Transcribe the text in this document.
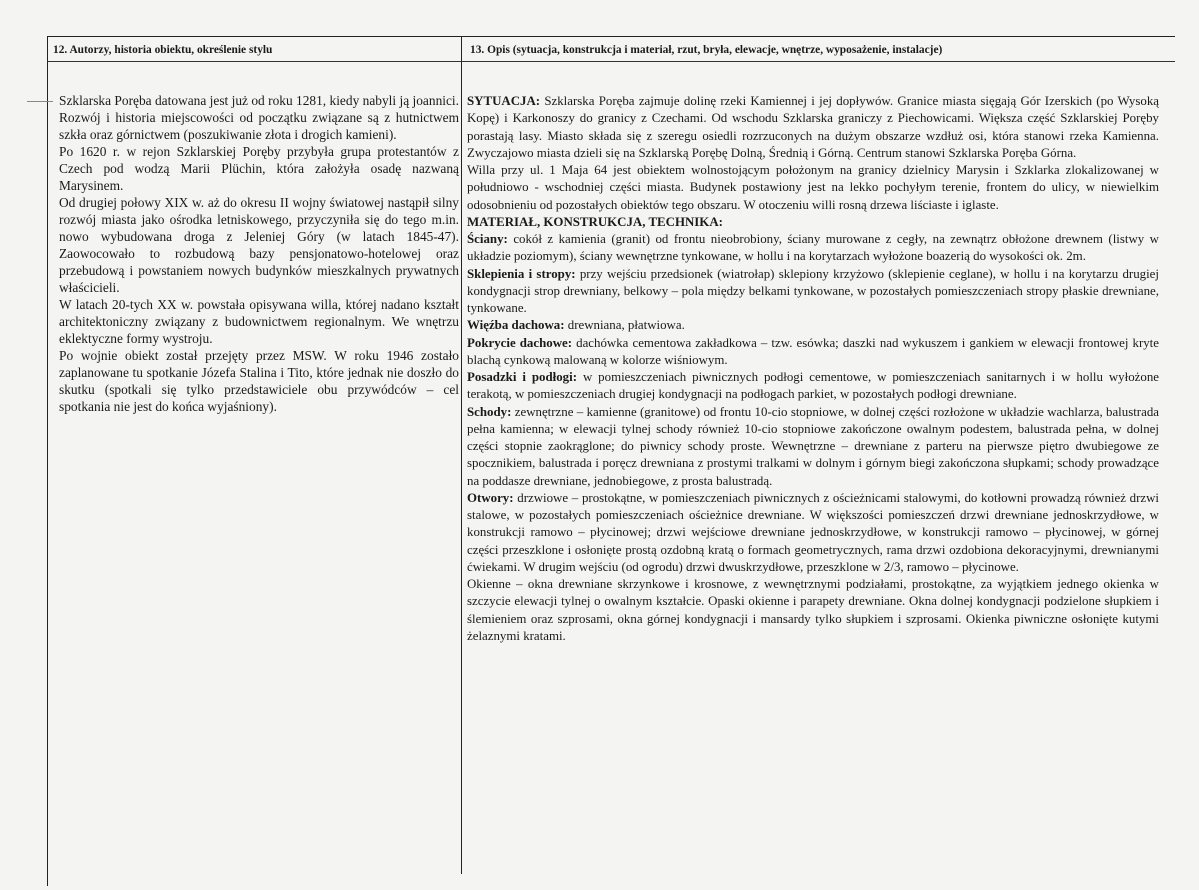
12. Autorzy, historia obiektu, określenie stylu	13. Opis (sytuacja, konstrukcja i materiał, rzut, bryła, elewacje, wnętrze, wyposażenie, instalacje)

Szklarska Poręba datowana jest już od roku 1281, kiedy nabyli ją joannici. Rozwój i historia miejscowości od początku związane są z hutnictwem szkła oraz górnictwem (poszukiwanie złota i drogich kamieni).

Po 1620 r. w rejon Szklarskiej Poręby przybyła grupa protestantów z Czech pod wodzą Marii Plüchin, która założyła osadę nazwaną Marysinem.

Od drugiej połowy XIX w. aż do okresu II wojny światowej nastąpił silny rozwój miasta jako ośrodka letniskowego, przyczyniła się do tego m.in. nowo wybudowana droga z Jeleniej Góry (w latach 1845-47). Zaowocowało to rozbudową bazy pensjonatowo-hotelowej oraz przebudową i powstaniem nowych budynków mieszkalnych prywatnych właścicieli.

W latach 20-tych XX w. powstała opisywana willa, której nadano kształt architektoniczny związany z budownictwem regionalnym. We wnętrzu eklektyczne formy wystroju.

Po wojnie obiekt został przejęty przez MSW. W roku 1946 zostało zaplanowane tu spotkanie Józefa Stalina i Tito, które jednak nie doszło do skutku (spotkali się tylko przedstawiciele obu przywódców – cel spotkania nie jest do końca wyjaśniony).

SYTUACJA: Szklarska Poręba zajmuje dolinę rzeki Kamiennej i jej dopływów. Granice miasta sięgają Gór Izerskich (po Wysoką Kopę) i Karkonoszy do granicy z Czechami. Od wschodu Szklarska graniczy z Piechowicami. Większa część Szklarskiej Poręby porastają lasy. Miasto składa się z szeregu osiedli rozrzuconych na dużym obszarze wzdłuż osi, która stanowi rzeka Kamienna. Zwyczajowo miasta dzieli się na Szklarską Porębę Dolną, Średnią i Górną. Centrum stanowi Szklarska Poręba Górna.

Willa przy ul. 1 Maja 64 jest obiektem wolnostojącym położonym na granicy dzielnicy Marysin i Szklarka zlokalizowanej w południowo - wschodniej części miasta. Budynek postawiony jest na lekko pochyłym terenie, frontem do ulicy, w niewielkim odosobnieniu od pozostałych obiektów tego obszaru. W otoczeniu willi rosną drzewa liściaste i iglaste.

MATERIAŁ, KONSTRUKCJA, TECHNIKA:

Ściany: cokół z kamienia (granit) od frontu nieobrobiony, ściany murowane z cegły, na zewnątrz obłożone drewnem (listwy w układzie poziomym), ściany wewnętrzne tynkowane, w hollu i na korytarzach wyłożone boazerią do wysokości ok. 2m.

Sklepienia i stropy: przy wejściu przedsionek (wiatrołap) sklepiony krzyżowo (sklepienie ceglane), w hollu i na korytarzu drugiej kondygnacji strop drewniany, belkowy – pola między belkami tynkowane, w pozostałych pomieszczeniach stropy płaskie drewniane, tynkowane.

Więźba dachowa: drewniana, płatwiowa.

Pokrycie dachowe: dachówka cementowa zakładkowa – tzw. esówka; daszki nad wykuszem i gankiem w elewacji frontowej kryte blachą cynkową malowaną w kolorze wiśniowym.

Posadzki i podłogi: w pomieszczeniach piwnicznych podłogi cementowe, w pomieszczeniach sanitarnych i w hollu wyłożone terakotą, w pomieszczeniach drugiej kondygnacji na podłogach parkiet, w pozostałych podłogi drewniane.

Schody: zewnętrzne – kamienne (granitowe) od frontu 10-cio stopniowe, w dolnej części rozłożone w układzie wachlarza, balustrada pełna kamienna; w elewacji tylnej schody również 10-cio stopniowe zakończone owalnym podestem, balustrada pełna, w dolnej części stopnie zaokrąglone; do piwnicy schody proste. Wewnętrzne – drewniane z parteru na pierwsze piętro dwubiegowe ze spocznikiem, balustrada i poręcz drewniana z prostymi tralkami w dolnym i górnym biegi zakończona słupkami; schody prowadzące na poddasze drewniane, jednobiegowe, z prosta balustradą.

Otwory: drzwiowe – prostokątne, w pomieszczeniach piwnicznych z ościeżnicami stalowymi, do kotłowni prowadzą również drzwi stalowe, w pozostałych pomieszczeniach ościeżnice drewniane. W większości pomieszczeń drzwi drewniane jednoskrzydłowe, w konstrukcji ramowo – płycinowej; drzwi wejściowe drewniane jednoskrzydłowe, w konstrukcji ramowo – płycinowej, w górnej części przeszklone i osłonięte prostą ozdobną kratą o formach geometrycznych, rama drzwi ozdobiona dekoracyjnymi, drewnianymi ćwiekami. W drugim wejściu (od ogrodu) drzwi dwuskrzydłowe, przeszklone w 2/3, ramowo – płycinowe.

Okienne – okna drewniane skrzynkowe i krosnowe, z wewnętrznymi podziałami, prostokątne, za wyjątkiem jednego okienka w szczycie elewacji tylnej o owalnym kształcie. Opaski okienne i parapety drewniane. Okna dolnej kondygnacji podzielone słupkiem i ślemieniem oraz szprosami, okna górnej kondygnacji i mansardy tylko słupkiem i szprosami. Okienka piwniczne osłonięte kutymi żelaznymi kratami.
